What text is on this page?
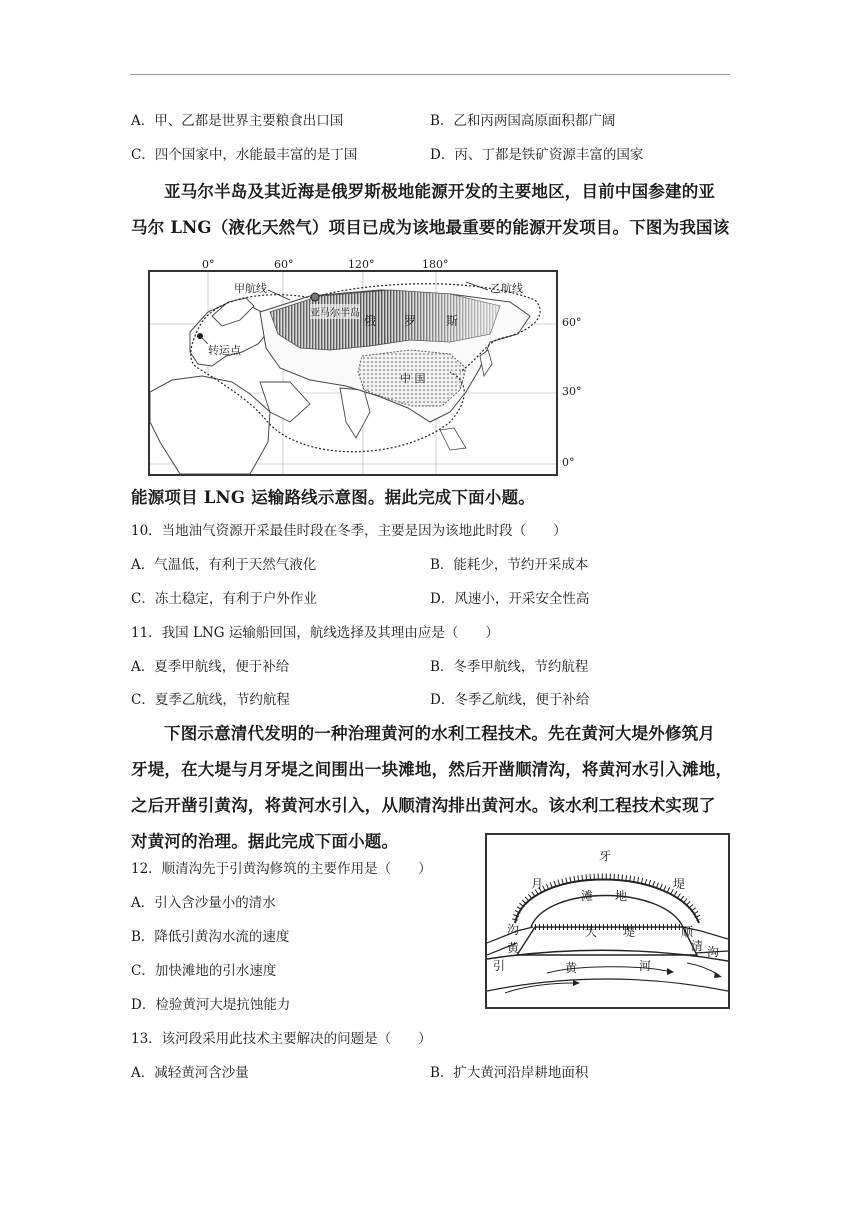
A．甲、乙都是世界主要粮食出口国	B．乙和丙两国高原面积都广阔
C．四个国家中，水能最丰富的是丁国	D．丙、丁都是铁矿资源丰富的国家
亚马尔半岛及其近海是俄罗斯极地能源开发的主要地区，目前中国参建的亚
马尔 LNG（液化天然气）项目已成为该地最重要的能源开发项目。下图为我国该
0°	60°	120°	180°
60°
30°
0°
甲航线	乙航线
亚马尔半岛
俄 罗 斯
中 国
转运点
能源项目 LNG 运输路线示意图。据此完成下面小题。
10．当地油气资源开采最佳时段在冬季，主要是因为该地此时段（　　）
A．气温低，有利于天然气液化	B．能耗少，节约开采成本
C．冻土稳定，有利于户外作业	D．风速小，开采安全性高
11．我国 LNG 运输船回国，航线选择及其理由应是（　　）
A．夏季甲航线，便于补给	B．冬季甲航线，节约航程
C．夏季乙航线，节约航程	D．冬季乙航线，便于补给
下图示意清代发明的一种治理黄河的水利工程技术。先在黄河大堤外修筑月
牙堤，在大堤与月牙堤之间围出一块滩地，然后开凿顺清沟，将黄河水引入滩地，
之后开凿引黄沟，将黄河水引入，从顺清沟排出黄河水。该水利工程技术实现了
对黄河的治理。据此完成下面小题。
牙
月	堤
滩 地
大 堤
沟
黄
引
顺
清 沟
黄	河
12．顺清沟先于引黄沟修筑的主要作用是（　　）
A．引入含沙量小的清水
B．降低引黄沟水流的速度
C．加快滩地的引水速度
D．检验黄河大堤抗蚀能力
13．该河段采用此技术主要解决的问题是（　　）
A．减轻黄河含沙量	B．扩大黄河沿岸耕地面积
